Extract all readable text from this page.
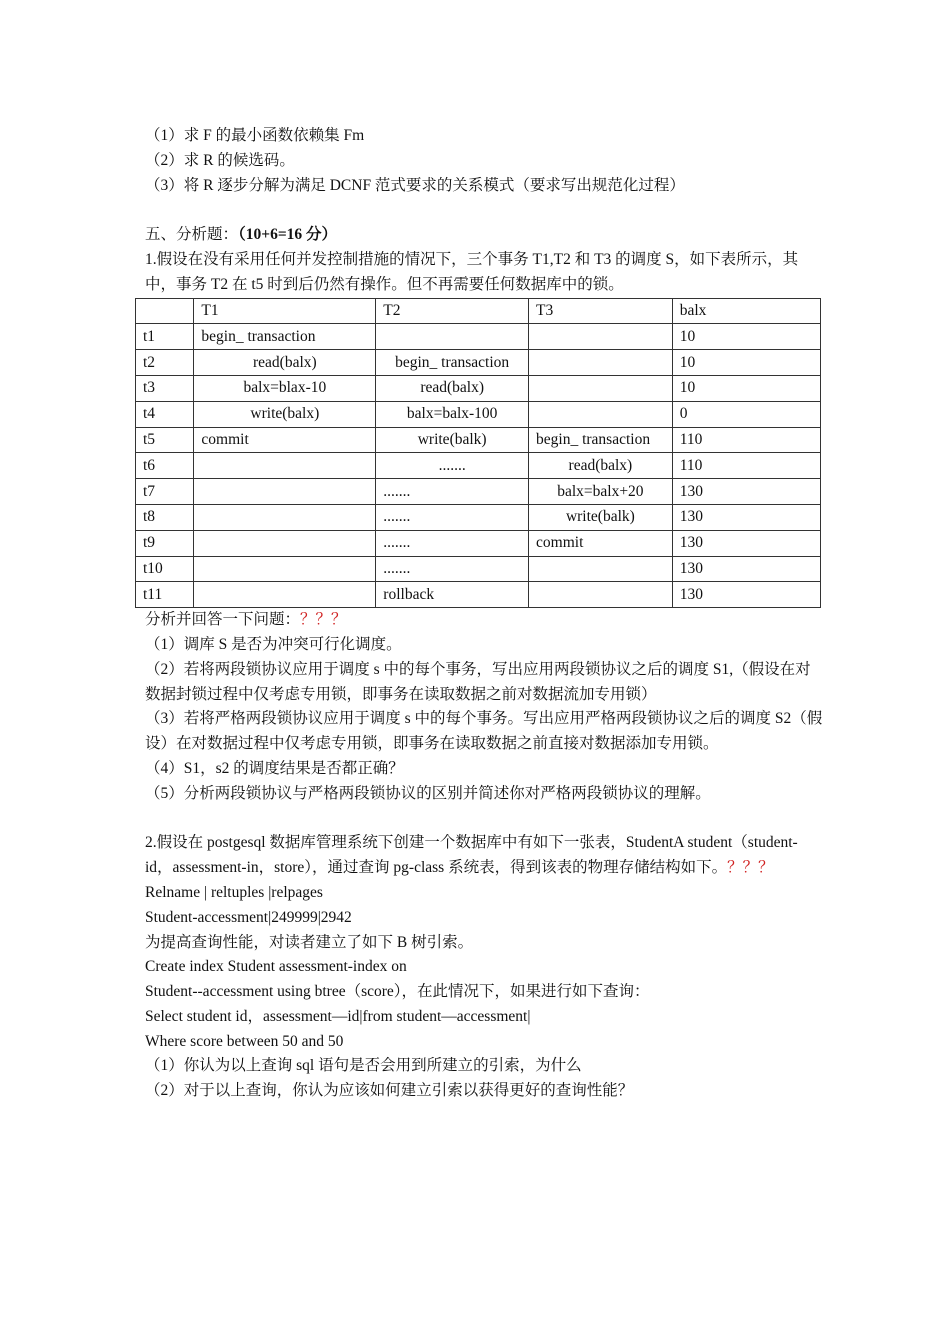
（1）求 F 的最小函数依赖集 Fm
（2）求 R 的候选码。
（3）将 R 逐步分解为满足 DCNF 范式要求的关系模式（要求写出规范化过程）
五、分析题：（10+6=16 分）
1.假设在没有采用任何并发控制措施的情况下，三个事务 T1,T2 和 T3 的调度 S，如下表所示，其中，事务 T2 在 t5 时到后仍然有操作。但不再需要任何数据库中的锁。
	T1	T2	T3	balx
t1	begin_ transaction			10
t2	read(balx)	begin_ transaction		10
t3	balx=blax-10	read(balx)		10
t4	write(balx)	balx=balx-100		0
t5	commit	write(balk)	begin_ transaction	110
t6		.......	read(balx)	110
t7		.......	balx=balx+20	130
t8		.......	write(balk)	130
t9		.......	commit	130
t10		.......		130
t11		rollback		130
分析并回答一下问题：？？？
（1）调库 S 是否为冲突可行化调度。
（2）若将两段锁协议应用于调度 s 中的每个事务，写出应用两段锁协议之后的调度 S1,（假设在对数据封锁过程中仅考虑专用锁，即事务在读取数据之前对数据流加专用锁）
（3）若将严格两段锁协议应用于调度 s 中的每个事务。写出应用严格两段锁协议之后的调度 S2（假设）在对数据过程中仅考虑专用锁，即事务在读取数据之前直接对数据添加专用锁。
（4）S1，s2 的调度结果是否都正确？
（5）分析两段锁协议与严格两段锁协议的区别并简述你对严格两段锁协议的理解。
2.假设在 postgesql 数据库管理系统下创建一个数据库中有如下一张表，StudentA student（student-id，assessment-in，store），通过查询 pg-class 系统表，得到该表的物理存储结构如下。？？？
Relname | reltuples |relpages
Student-accessment|249999|2942
为提高查询性能，对读者建立了如下 B 树引索。
Create index Student assessment-index on
Student--accessment using btree（score），在此情况下，如果进行如下查询：
Select student id，assessment—id|from student—accessment|
Where score between 50 and 50
（1）你认为以上查询 sql 语句是否会用到所建立的引索，为什么
（2）对于以上查询，你认为应该如何建立引索以获得更好的查询性能？
